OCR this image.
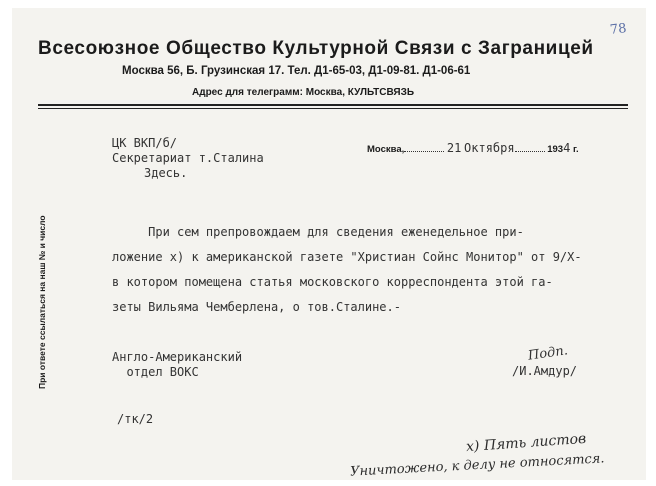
78
Всесоюзное Общество Культурной Связи с Заграницей
Москва 56, Б. Грузинская 17. Тел. Д1-65-03, Д1-09-81. Д1-06-61
Адрес для телеграмм: Москва, КУЛЬТСВЯЗЬ
ЦК ВКП/б/
Секретариат т.Сталина
Здесь.
Москва,	21 Октября	1934 г.
При ответе ссылаться на наш № и число	При сем препровождаем для сведения еженедельное при-
ложение х) к американской газете "Христиан Сойнс Монитор" от 9/Х-
в котором помещена статья московского корреспондента этой га-
зеты Вильяма Чемберлена, о тов.Сталине.-
Англо-Американский
отдел ВОКС
Подп.
/И.Амдур/
/тк/2
х) Пять листов
Уничтожено, к делу не относятся.
